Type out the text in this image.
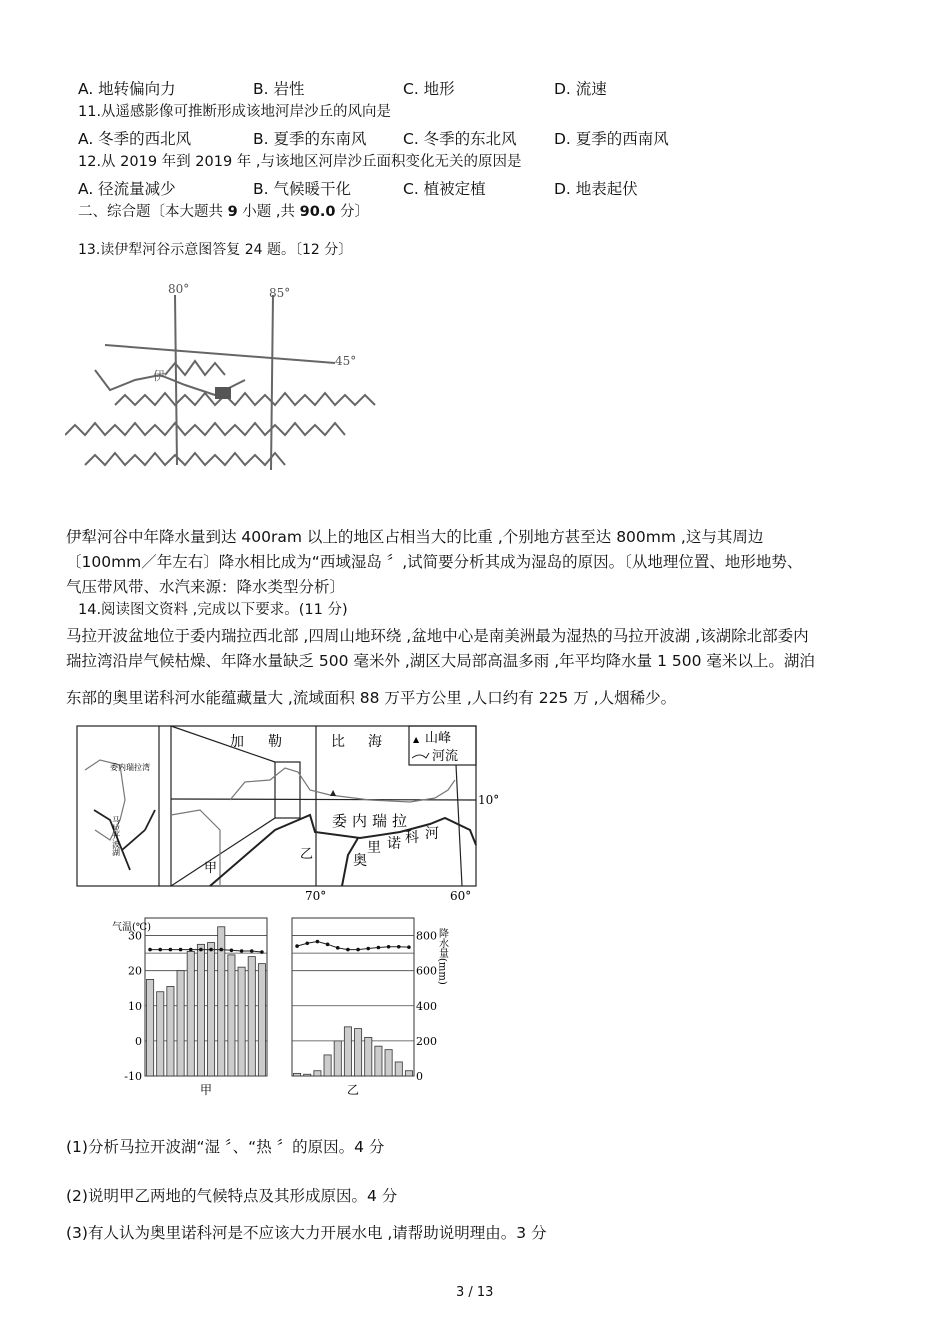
A. 地转偏向力	B. 岩性	C. 地形	D. 流速
11.从遥感影像可推断形成该地河岸沙丘的风向是
A. 冬季的西北风	B. 夏季的东南风 C. 冬季的东北风 D. 夏季的西南风
12.从 2019 年到 2019 年 ,与该地区河岸沙丘面积变化无关的原因是
A. 径流量减少	B. 气候暖干化	C. 植被定植	D. 地表起伏
二、综合题〔本大题共 9 小题 ,共 90.0 分〕
13.读伊犁河谷示意图答复 24 题。〔12 分〕
80°	85°
45°
伊
伊犁河谷中年降水量到达 400ram 以上的地区占相当大的比重 ,个别地方甚至达 800mm ,这与其周边
〔100mm／年左右〕降水相比成为“西域湿岛 〞,试简要分析其成为湿岛的原因。〔从地理位置、地形地势、
气压带风带、水汽来源：降水类型分析〕
14.阅读图文资料 ,完成以下要求。(11 分)
马拉开波盆地位于委内瑞拉西北部 ,四周山地环绕 ,盆地中心是南美洲最为湿热的马拉开波湖 ,该湖除北部委内
瑞拉湾沿岸气候枯燥、年降水量缺乏 500 毫米外 ,湖区大局部高温多雨 ,年平均降水量 1 500 毫米以上。湖泊
东部的奥里诺科河水能蕴藏量大 ,流域面积 88 万平方公里 ,人口约有 225 万 ,人烟稀少。
▲
加 勒	比 海	▲ 山峰
河流
委内瑞拉湾
马拉开波湖	委内瑞拉
奥
里 诺 科 河
甲
乙
10°
70°	60°
甲	乙
30
20
10
0
-10
800
600
400
200
0
气温(℃)
降水量(mm)
(1)分析马拉开波湖“湿 〞、“热 〞的原因。4 分
(2)说明甲乙两地的气候特点及其形成原因。4 分
(3)有人认为奥里诺科河是不应该大力开展水电 ,请帮助说明理由。3 分
3 / 13
